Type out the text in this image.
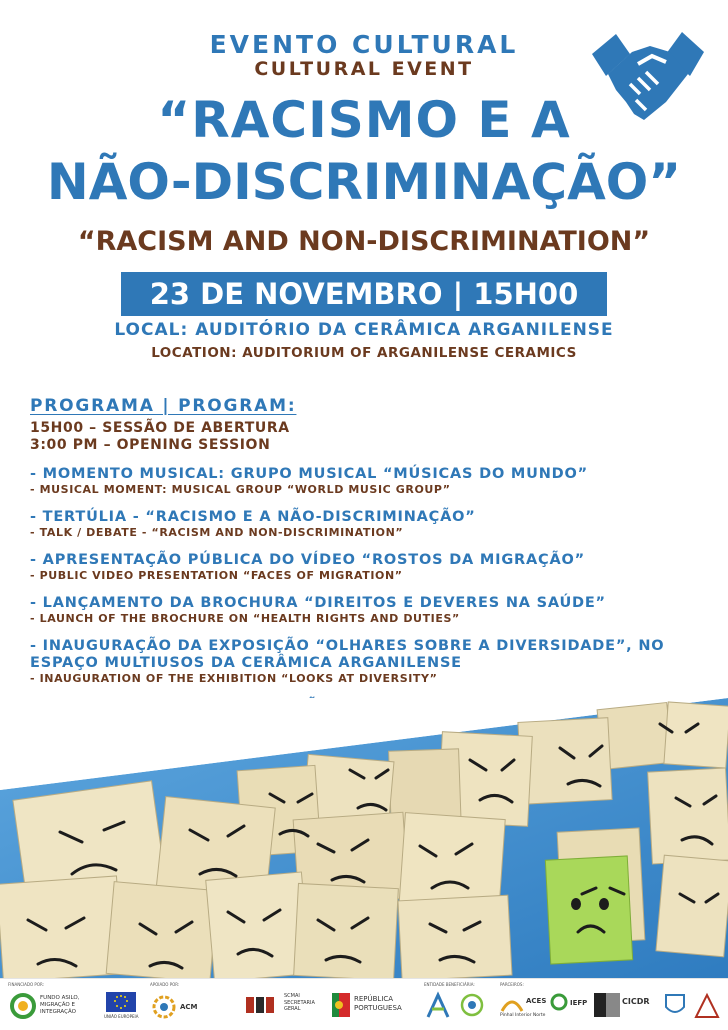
EVENTO CULTURAL
CULTURAL EVENT
“RACISMO E A
NÃO-DISCRIMINAÇÃO”
“RACISM AND NON-DISCRIMINATION”
23 DE NOVEMBRO | 15H00
LOCAL: AUDITÓRIO DA CERÂMICA ARGANILENSE
LOCATION: AUDITORIUM OF ARGANILENSE CERAMICS
PROGRAMA | PROGRAM:
15H00 – SESSÃO DE ABERTURA
3:00 PM – OPENING SESSION
- MOMENTO MUSICAL: GRUPO MUSICAL “MÚSICAS DO MUNDO”
- MUSICAL MOMENT: MUSICAL GROUP “WORLD MUSIC GROUP”
- TERTÚLIA - “RACISMO E A NÃO-DISCRIMINAÇÃO”
- TALK / DEBATE - “RACISM AND NON-DISCRIMINATION”
- APRESENTAÇÃO PÚBLICA DO VÍDEO “ROSTOS DA MIGRAÇÃO”
- PUBLIC VIDEO PRESENTATION “FACES OF MIGRATION”
- LANÇAMENTO DA BROCHURA “DIREITOS E DEVERES NA SAÚDE”
- LAUNCH OF THE BROCHURE ON “HEALTH RIGHTS AND DUTIES”
- INAUGURAÇÃO DA EXPOSIÇÃO “OLHARES SOBRE A DIVERSIDADE”, NO
ESPAÇO MULTIUSOS DA CERÂMICA ARGANILENSE
- INAUGURATION OF THE EXHIBITION “LOOKS AT DIVERSITY”
FINANCIADO POR:
FUNDO ASILO, MIGRAÇÃO E INTEGRAÇÃO
UNIÃO EUROPEIA
APOIADO POR:
ACM
SCMAI SECRETARIA GERAL
REPÚBLICA PORTUGUESA
ENTIDADE BENEFICIÁRIA:	PARCEIROS:
ACES
Pinhal Interior Norte
IEFP	CICDR
